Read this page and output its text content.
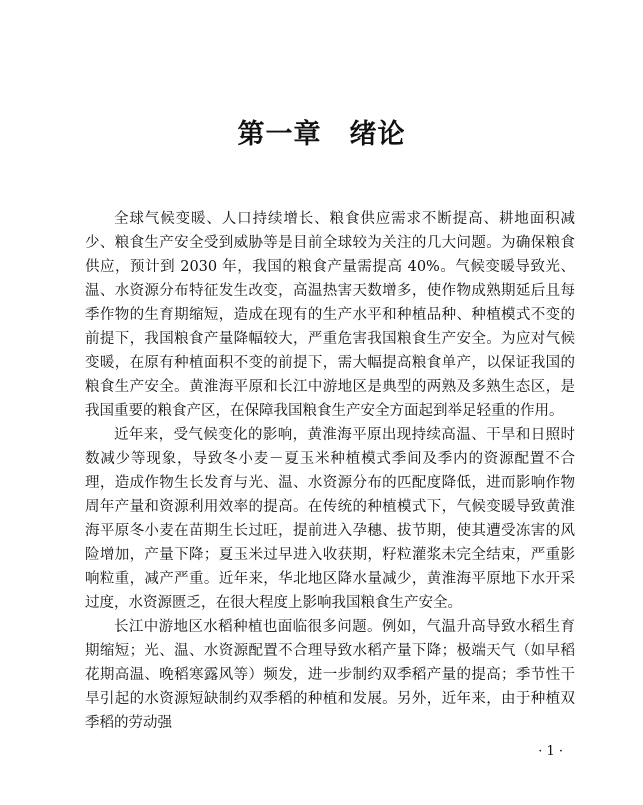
第一章　绪论

全球气候变暖、人口持续增长、粮食供应需求不断提高、耕地面积减少、粮食生产安全受到威胁等是目前全球较为关注的几大问题。为确保粮食供应，预计到 2030 年，我国的粮食产量需提高 40%。气候变暖导致光、温、水资源分布特征发生改变，高温热害天数增多，使作物成熟期延后且每季作物的生育期缩短，造成在现有的生产水平和种植品种、种植模式不变的前提下，我国粮食产量降幅较大，严重危害我国粮食生产安全。为应对气候变暖，在原有种植面积不变的前提下，需大幅提高粮食单产，以保证我国的粮食生产安全。黄淮海平原和长江中游地区是典型的两熟及多熟生态区，是我国重要的粮食产区，在保障我国粮食生产安全方面起到举足轻重的作用。

近年来，受气候变化的影响，黄淮海平原出现持续高温、干旱和日照时数减少等现象，导致冬小麦－夏玉米种植模式季间及季内的资源配置不合理，造成作物生长发育与光、温、水资源分布的匹配度降低，进而影响作物周年产量和资源利用效率的提高。在传统的种植模式下，气候变暖导致黄淮海平原冬小麦在苗期生长过旺，提前进入孕穗、拔节期，使其遭受冻害的风险增加，产量下降；夏玉米过早进入收获期，籽粒灌浆未完全结束，严重影响粒重，减产严重。近年来，华北地区降水量减少，黄淮海平原地下水开采过度，水资源匮乏，在很大程度上影响我国粮食生产安全。

长江中游地区水稻种植也面临很多问题。例如，气温升高导致水稻生育期缩短；光、温、水资源配置不合理导致水稻产量下降；极端天气（如早稻花期高温、晚稻寒露风等）频发，进一步制约双季稻产量的提高；季节性干旱引起的水资源短缺制约双季稻的种植和发展。另外，近年来，由于种植双季稻的劳动强

· 1 ·
